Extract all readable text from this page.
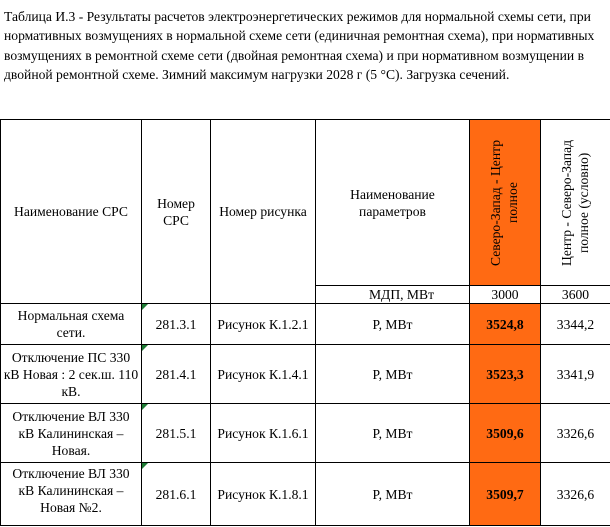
Таблица И.3 - Результаты расчетов электроэнергетических режимов для нормальной схемы сети, при нормативных возмущениях в нормальной схеме сети (единичная ремонтная схема), при нормативных возмущениях в ремонтной схеме сети (двойная ремонтная схема) и при нормативном возмущении в двойной ремонтной схеме. Зимний максимум нагрузки 2028 г (5 °С). Загрузка сечений.

Наименование СРС	Номер СРС	Номер рисунка	Наименование параметров	Северо-Запад - Центр полное	Центр - Северо-Запад полное (условно)

			МДП, МВт	3000	3600
Нормальная схема сети.	281.3.1	Рисунок К.1.2.1	P, МВт	3524,8	3344,2
Отключение ПС 330 кВ Новая : 2 сек.ш. 110 кВ.	281.4.1	Рисунок К.1.4.1	P, МВт	3523,3	3341,9
Отключение ВЛ 330 кВ Калининская – Новая.	281.5.1	Рисунок К.1.6.1	P, МВт	3509,6	3326,6
Отключение ВЛ 330 кВ Калининская – Новая №2.	281.6.1	Рисунок К.1.8.1	P, МВт	3509,7	3326,6
